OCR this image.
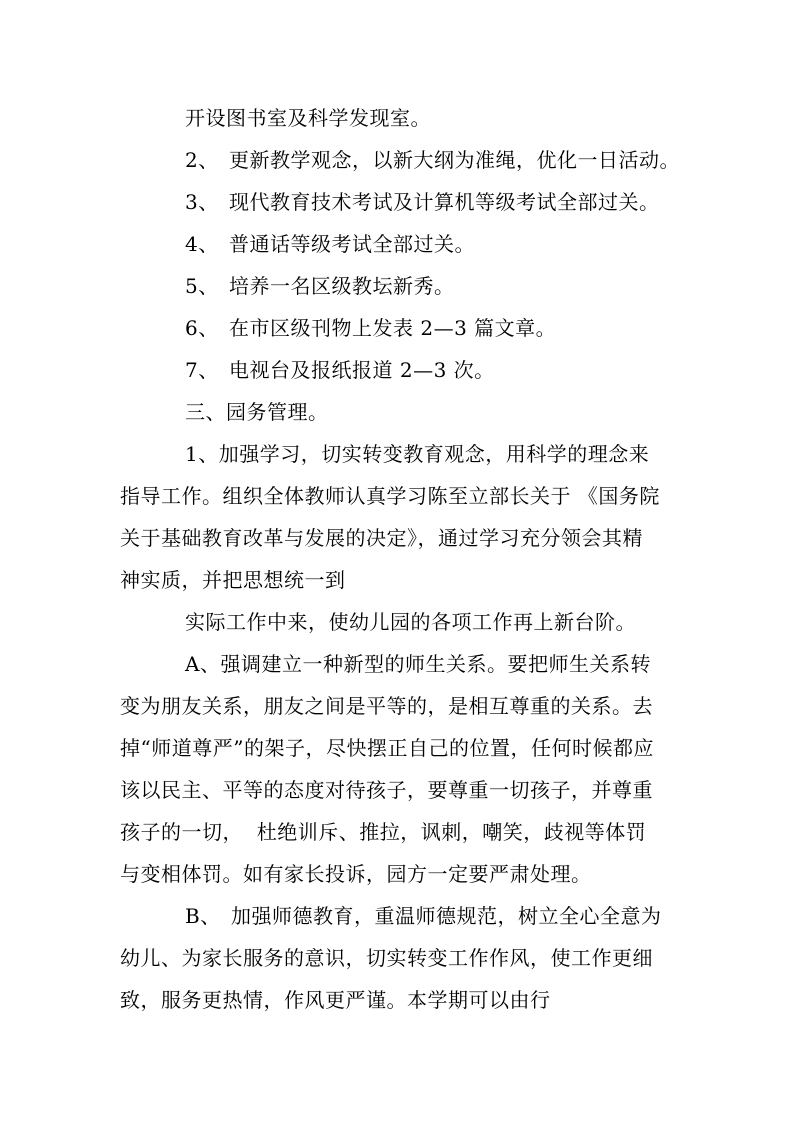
开设图书室及科学发现室。

2、 更新教学观念，以新大纲为准绳，优化一日活动。

3、 现代教育技术考试及计算机等级考试全部过关。

4、 普通话等级考试全部过关。

5、 培养一名区级教坛新秀。

6、 在市区级刊物上发表 2—3 篇文章。

7、 电视台及报纸报道 2—3 次。

三、园务管理。

1、加强学习，切实转变教育观念，用科学的理念来

指导工作。组织全体教师认真学习陈至立部长关于 《国务院

关于基础教育改革与发展的决定》，通过学习充分领会其精

神实质，并把思想统一到

实际工作中来，使幼儿园的各项工作再上新台阶。

A、强调建立一种新型的师生关系。要把师生关系转

变为朋友关系，朋友之间是平等的，是相互尊重的关系。去

掉“师道尊严”的架子，尽快摆正自己的位置，任何时候都应

该以民主、平等的态度对待孩子，要尊重一切孩子，并尊重

孩子的一切，  杜绝训斥、推拉，讽刺，嘲笑，歧视等体罚

与变相体罚。如有家长投诉，园方一定要严肃处理。

B、 加强师德教育，重温师德规范，树立全心全意为

幼儿、为家长服务的意识，切实转变工作作风，使工作更细

致，服务更热情，作风更严谨。本学期可以由行
